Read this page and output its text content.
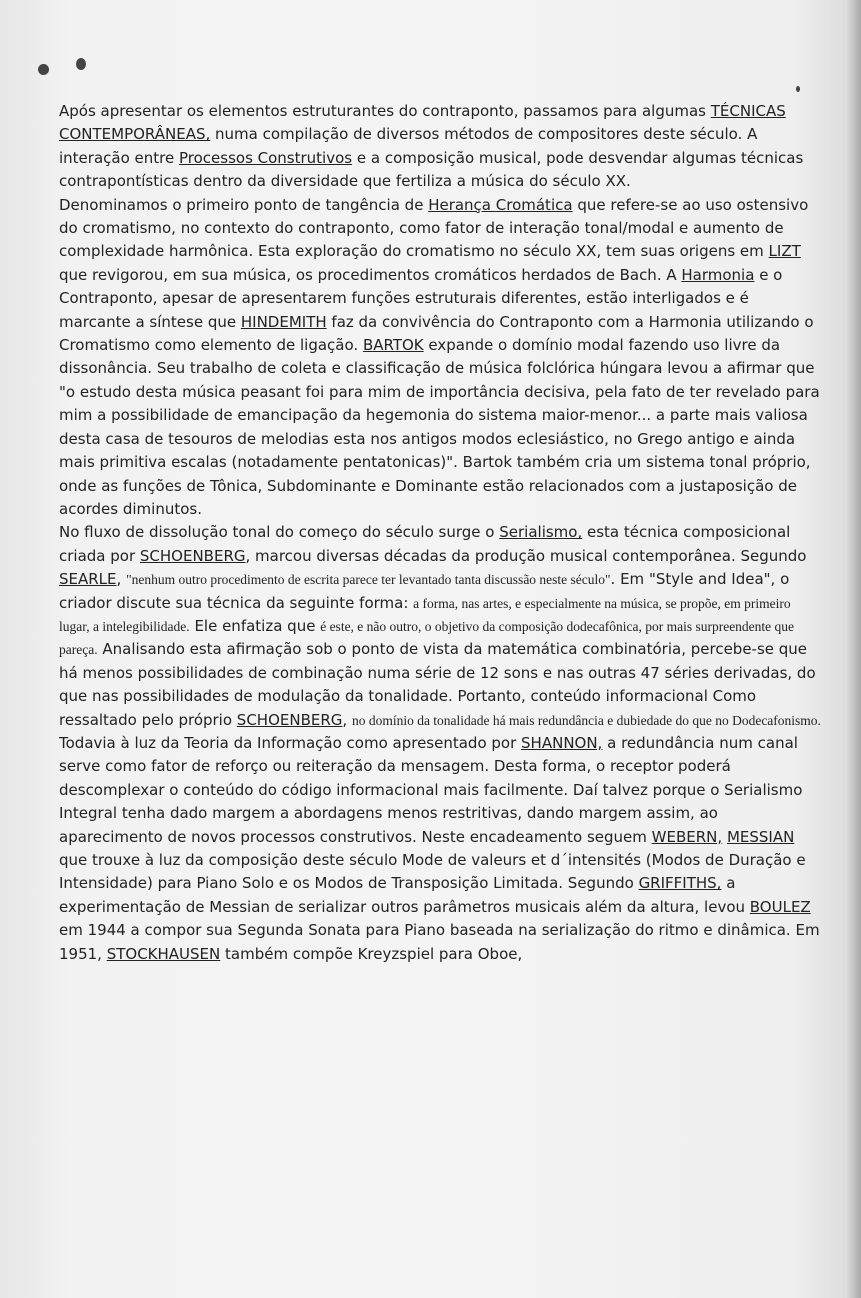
Após apresentar os elementos estruturantes do contraponto, passamos para algumas TÉCNICAS CONTEMPORÂNEAS, numa compilação de diversos métodos de compositores deste século. A interação entre Processos Construtivos e a composição musical, pode desvendar algumas técnicas contrapontísticas dentro da diversidade que fertiliza a música do século XX.

Denominamos o primeiro ponto de tangência de Herança Cromática que refere-se ao uso ostensivo do cromatismo, no contexto do contraponto, como fator de interação tonal/modal e aumento de complexidade harmônica. Esta exploração do cromatismo no século XX, tem suas origens em LIZT que revigorou, em sua música, os procedimentos cromáticos herdados de Bach. A Harmonia e o Contraponto, apesar de apresentarem funções estruturais diferentes, estão interligados e é marcante a síntese que HINDEMITH faz da convivência do Contraponto com a Harmonia utilizando o Cromatismo como elemento de ligação. BARTOK expande o domínio modal fazendo uso livre da dissonância. Seu trabalho de coleta e classificação de música folclórica húngara levou a afirmar que "o estudo desta música peasant foi para mim de importância decisiva, pela fato de ter revelado para mim a possibilidade de emancipação da hegemonia do sistema maior-menor... a parte mais valiosa desta casa de tesouros de melodias esta nos antigos modos eclesiástico, no Grego antigo e ainda mais primitiva escalas (notadamente pentatonicas)". Bartok também cria um sistema tonal próprio, onde as funções de Tônica, Subdominante e Dominante estão relacionados com a justaposição de acordes diminutos.

No fluxo de dissolução tonal do começo do século surge o Serialismo, esta técnica composicional criada por SCHOENBERG, marcou diversas décadas da produção musical contemporânea. Segundo SEARLE, "nenhum outro procedimento de escrita parece ter levantado tanta discussão neste século". Em "Style and Idea", o criador discute sua técnica da seguinte forma: a forma, nas artes, e especialmente na música, se propõe, em primeiro lugar, a intelegibilidade. Ele enfatiza que é este, e não outro, o objetivo da composição dodecafônica, por mais surpreendente que pareça. Analisando esta afirmação sob o ponto de vista da matemática combinatória, percebe-se que há menos possibilidades de combinação numa série de 12 sons e nas outras 47 séries derivadas, do que nas possibilidades de modulação da tonalidade. Portanto, conteúdo informacional Como ressaltado pelo próprio SCHOENBERG, no domínio da tonalidade há mais redundância e dubiedade do que no Dodecafonismo. Todavia à luz da Teoria da Informação como apresentado por SHANNON, a redundância num canal serve como fator de reforço ou reiteração da mensagem. Desta forma, o receptor poderá descomplexar o conteúdo do código informacional mais facilmente. Daí talvez porque o Serialismo Integral tenha dado margem a abordagens menos restritivas, dando margem assim, ao aparecimento de novos processos construtivos. Neste encadeamento seguem WEBERN, MESSIAN que trouxe à luz da composição deste século Mode de valeurs et d´intensités (Modos de Duração e Intensidade) para Piano Solo e os Modos de Transposição Limitada. Segundo GRIFFITHS, a experimentação de Messian de serializar outros parâmetros musicais além da altura, levou BOULEZ em 1944 a compor sua Segunda Sonata para Piano baseada na serialização do ritmo e dinâmica. Em 1951, STOCKHAUSEN também compõe Kreyzspiel para Oboe,
